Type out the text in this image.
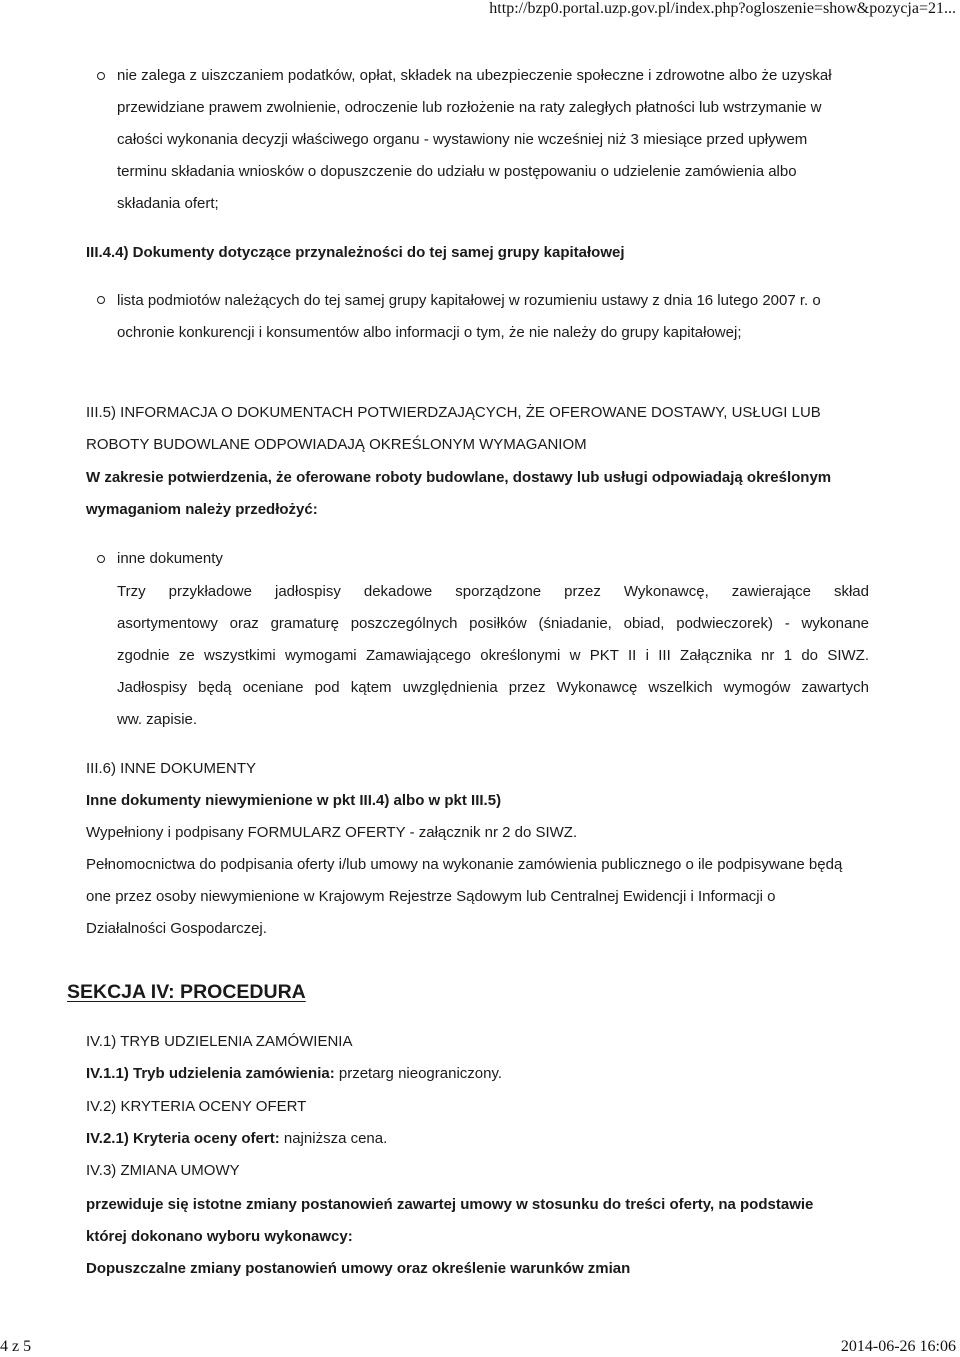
http://bzp0.portal.uzp.gov.pl/index.php?ogloszenie=show&pozycja=21...
nie zalega z uiszczaniem podatków, opłat, składek na ubezpieczenie społeczne i zdrowotne albo że uzyskał
przewidziane prawem zwolnienie, odroczenie lub rozłożenie na raty zaległych płatności lub wstrzymanie w
całości wykonania decyzji właściwego organu - wystawiony nie wcześniej niż 3 miesiące przed upływem
terminu składania wniosków o dopuszczenie do udziału w postępowaniu o udzielenie zamówienia albo
składania ofert;
III.4.4) Dokumenty dotyczące przynależności do tej samej grupy kapitałowej
lista podmiotów należących do tej samej grupy kapitałowej w rozumieniu ustawy z dnia 16 lutego 2007 r. o
ochronie konkurencji i konsumentów albo informacji o tym, że nie należy do grupy kapitałowej;
III.5) INFORMACJA O DOKUMENTACH POTWIERDZAJĄCYCH, ŻE OFEROWANE DOSTAWY, USŁUGI LUB
ROBOTY BUDOWLANE ODPOWIADAJĄ OKREŚLONYM WYMAGANIOM
W zakresie potwierdzenia, że oferowane roboty budowlane, dostawy lub usługi odpowiadają określonym
wymaganiom należy przedłożyć:
inne dokumenty
Trzy przykładowe jadłospisy dekadowe sporządzone przez Wykonawcę, zawierające skład
asortymentowy oraz gramaturę poszczególnych posiłków (śniadanie, obiad, podwieczorek) - wykonane
zgodnie ze wszystkimi wymogami Zamawiającego określonymi w PKT II i III Załącznika nr 1 do SIWZ.
Jadłospisy będą oceniane pod kątem uwzględnienia przez Wykonawcę wszelkich wymogów zawartych
ww. zapisie.
III.6) INNE DOKUMENTY
Inne dokumenty niewymienione w pkt III.4) albo w pkt III.5)
Wypełniony i podpisany FORMULARZ OFERTY - załącznik nr 2 do SIWZ.
Pełnomocnictwa do podpisania oferty i/lub umowy na wykonanie zamówienia publicznego o ile podpisywane będą
one przez osoby niewymienione w Krajowym Rejestrze Sądowym lub Centralnej Ewidencji i Informacji o
Działalności Gospodarczej.
SEKCJA IV: PROCEDURA
IV.1) TRYB UDZIELENIA ZAMÓWIENIA
IV.1.1) Tryb udzielenia zamówienia: przetarg nieograniczony.
IV.2) KRYTERIA OCENY OFERT
IV.2.1) Kryteria oceny ofert: najniższa cena.
IV.3) ZMIANA UMOWY
przewiduje się istotne zmiany postanowień zawartej umowy w stosunku do treści oferty, na podstawie
której dokonano wyboru wykonawcy:
Dopuszczalne zmiany postanowień umowy oraz określenie warunków zmian
4 z 5	2014-06-26 16:06
